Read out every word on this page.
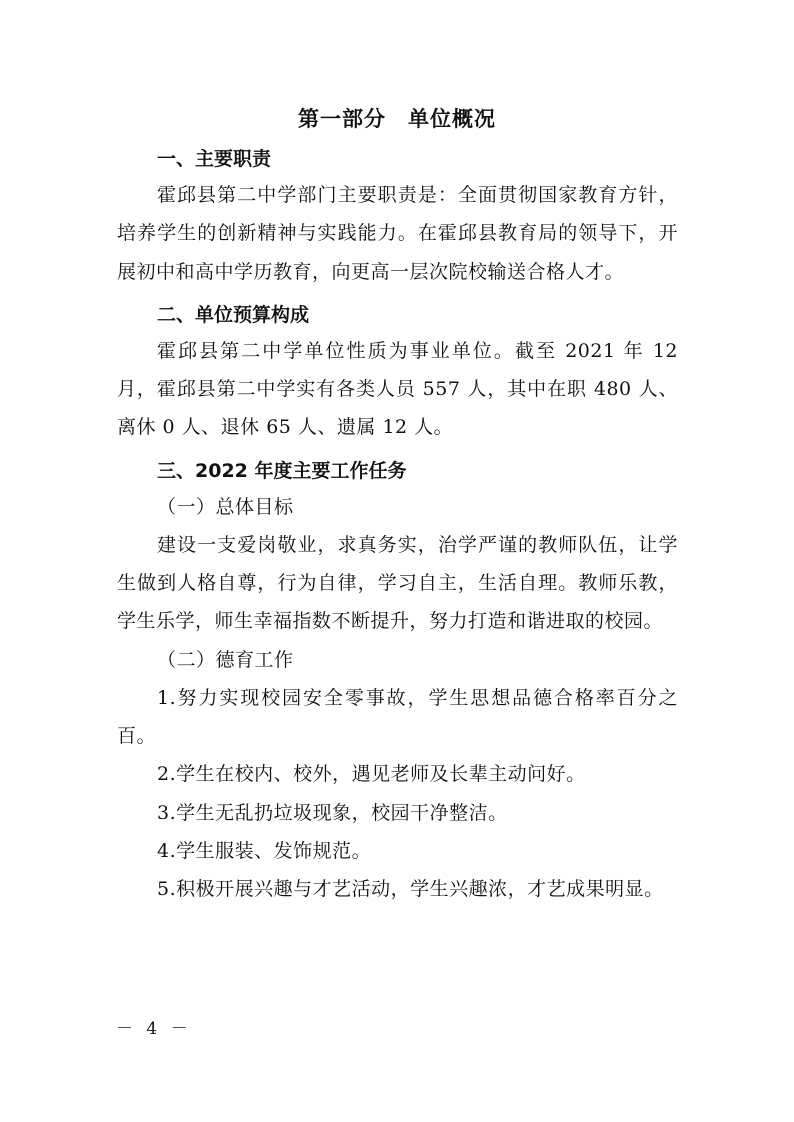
第一部分　单位概况

一、主要职责

霍邱县第二中学部门主要职责是：全面贯彻国家教育方针，培养学生的创新精神与实践能力。在霍邱县教育局的领导下，开展初中和高中学历教育，向更高一层次院校输送合格人才。

二、单位预算构成

霍邱县第二中学单位性质为事业单位。截至 2021 年 12 月，霍邱县第二中学实有各类人员 557 人，其中在职 480 人、离休 0 人、退休 65 人、遗属 12 人。

三、2022 年度主要工作任务

（一）总体目标

建设一支爱岗敬业，求真务实，治学严谨的教师队伍，让学生做到人格自尊，行为自律，学习自主，生活自理。教师乐教，学生乐学，师生幸福指数不断提升，努力打造和谐进取的校园。

（二）德育工作

1.努力实现校园安全零事故，学生思想品德合格率百分之百。

2.学生在校内、校外，遇见老师及长辈主动问好。

3.学生无乱扔垃圾现象，校园干净整洁。

4.学生服装、发饰规范。

5.积极开展兴趣与才艺活动，学生兴趣浓，才艺成果明显。

－ 4 －
